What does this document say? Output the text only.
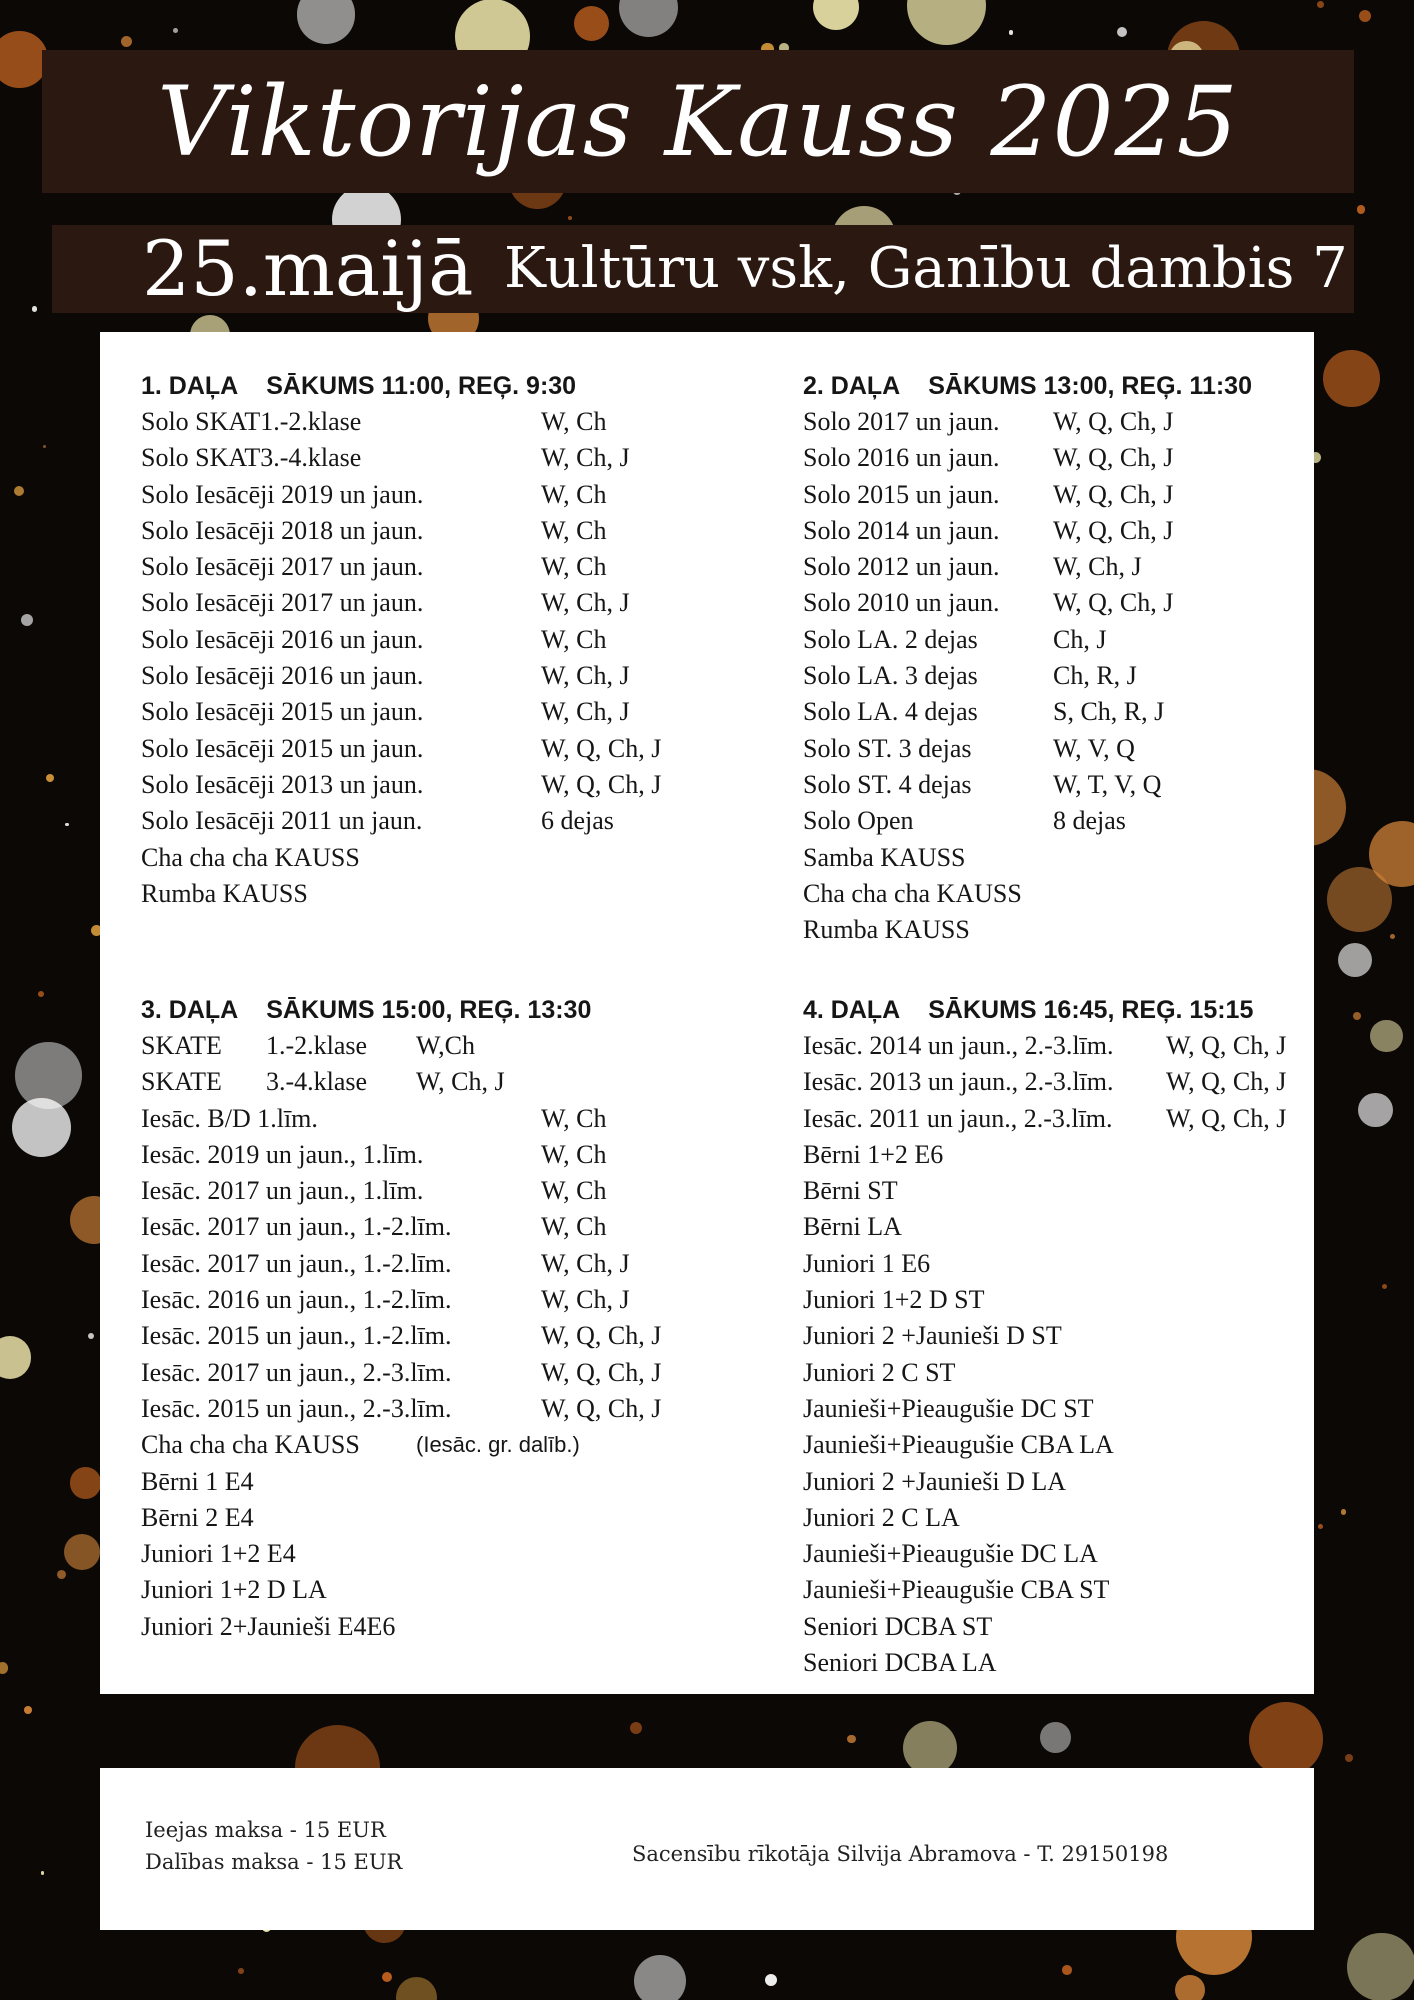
Viktorijas Kauss 2025
25.maijā Kultūru vsk, Ganību dambis 7
1. DAĻA SĀKUMS 11:00, REĢ. 9:30
Solo SKAT1.-2.klase	W, Ch
Solo SKAT3.-4.klase	W, Ch, J
Solo Iesācēji 2019 un jaun.	W, Ch
Solo Iesācēji 2018 un jaun.	W, Ch
Solo Iesācēji 2017 un jaun.	W, Ch
Solo Iesācēji 2017 un jaun.	W, Ch, J
Solo Iesācēji 2016 un jaun.	W, Ch
Solo Iesācēji 2016 un jaun.	W, Ch, J
Solo Iesācēji 2015 un jaun.	W, Ch, J
Solo Iesācēji 2015 un jaun.	W, Q, Ch, J
Solo Iesācēji 2013 un jaun.	W, Q, Ch, J
Solo Iesācēji 2011 un jaun.	6 dejas
Cha cha cha KAUSS
Rumba KAUSS
2. DAĻA SĀKUMS 13:00, REĢ. 11:30
Solo 2017 un jaun. W, Q, Ch, J
Solo 2016 un jaun. W, Q, Ch, J
Solo 2015 un jaun. W, Q, Ch, J
Solo 2014 un jaun. W, Q, Ch, J
Solo 2012 un jaun. W, Ch, J
Solo 2010 un jaun. W, Q, Ch, J
Solo LA. 2 dejas	Ch, J
Solo LA. 3 dejas	Ch, R, J
Solo LA. 4 dejas	S, Ch, R, J
Solo ST. 3 dejas	W, V, Q
Solo ST. 4 dejas	W, T, V, Q
Solo Open	8 dejas
Samba KAUSS
Cha cha cha KAUSS
Rumba KAUSS
3. DAĻA SĀKUMS 15:00, REĢ. 13:30
SKATE 1.-2.klase W,Ch
SKATE 3.-4.klase W, Ch, J
Iesāc. B/D 1.līm.	W, Ch
Iesāc. 2019 un jaun., 1.līm.	W, Ch
Iesāc. 2017 un jaun., 1.līm.	W, Ch
Iesāc. 2017 un jaun., 1.-2.līm.	W, Ch
Iesāc. 2017 un jaun., 1.-2.līm.	W, Ch, J
Iesāc. 2016 un jaun., 1.-2.līm.	W, Ch, J
Iesāc. 2015 un jaun., 1.-2.līm.	W, Q, Ch, J
Iesāc. 2017 un jaun., 2.-3.līm.	W, Q, Ch, J
Iesāc. 2015 un jaun., 2.-3.līm.	W, Q, Ch, J
Cha cha cha KAUSS	(Iesāc. gr. dalīb.)
Bērni 1 E4
Bērni 2 E4
Juniori 1+2 E4
Juniori 1+2 D LA
Juniori 2+Jaunieši E4E6
4. DAĻA SĀKUMS 16:45, REĢ. 15:15
Iesāc. 2014 un jaun., 2.-3.līm. W, Q, Ch, J
Iesāc. 2013 un jaun., 2.-3.līm. W, Q, Ch, J
Iesāc. 2011 un jaun., 2.-3.līm. W, Q, Ch, J
Bērni 1+2 E6
Bērni ST
Bērni LA
Juniori 1 E6
Juniori 1+2 D ST
Juniori 2 +Jaunieši D ST
Juniori 2 C ST
Jaunieši+Pieaugušie DC ST
Jaunieši+Pieaugušie CBA LA
Juniori 2 +Jaunieši D LA
Juniori 2 C LA
Jaunieši+Pieaugušie DC LA
Jaunieši+Pieaugušie CBA ST
Seniori DCBA ST
Seniori DCBA LA
Ieejas maksa - 15 EUR
Dalības maksa - 15 EUR	Sacensību rīkotāja Silvija Abramova - T. 29150198
